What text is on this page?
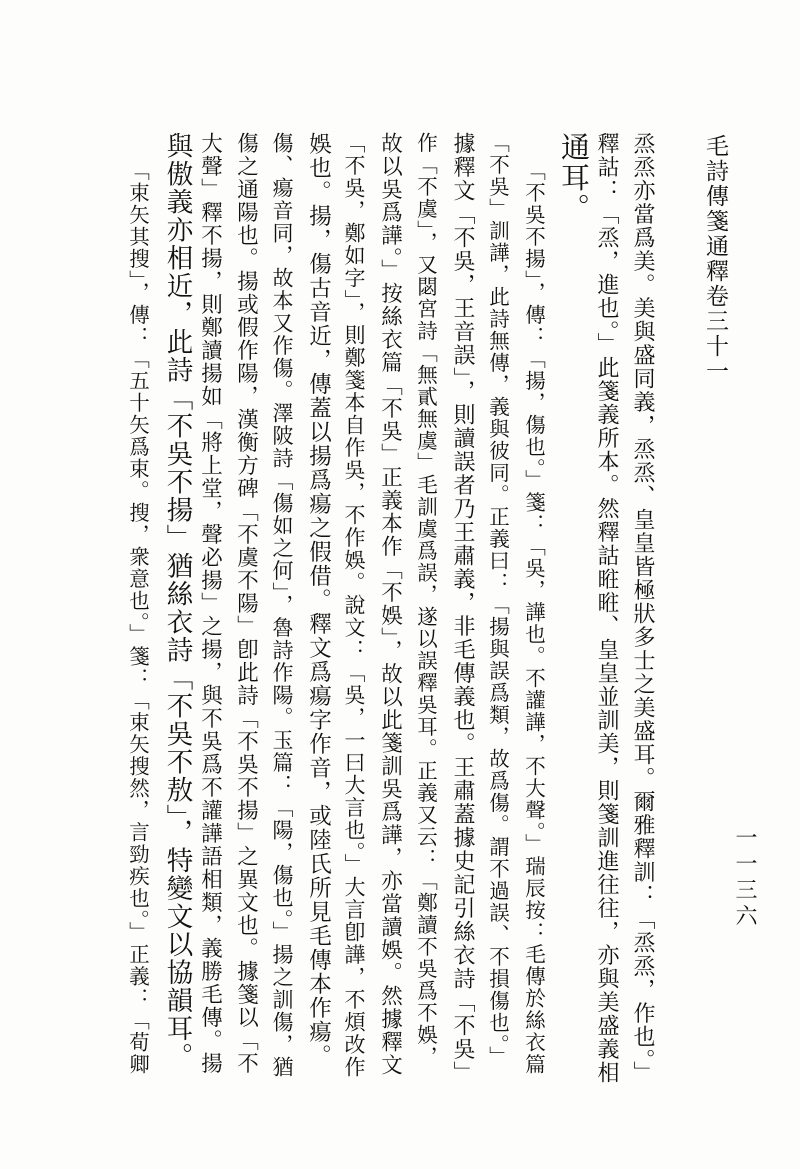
毛詩傳箋通釋卷三十一
一一三六
烝烝亦當爲美。美與盛同義，烝烝、皇皇皆極狀多士之美盛耳。爾雅釋訓：「烝烝，作也。」
釋詁：「烝，進也。」此箋義所本。然釋詁暀暀、皇皇並訓美，則箋訓進往往，亦與美盛義相
通耳。
「不吳不揚」，傳：「揚，傷也。」箋：「吳，譁也。不讙譁，不大聲。」瑞辰按：毛傳於絲衣篇
「不吳」訓譁，此詩無傳，義與彼同。正義曰：「揚與誤爲類，故爲傷。謂不過誤、不損傷也。」
據釋文「不吳，王音誤」，則讀誤者乃王肅義，非毛傳義也。王肅蓋據史記引絲衣詩「不吳」
作「不虞」，又閟宮詩「無貳無虞」毛訓虞爲誤，遂以誤釋吳耳。正義又云：「鄭讀不吳爲不娛，
故以吳爲譁。」按絲衣篇「不吳」正義本作「不娛」，故以此箋訓吳爲譁，亦當讀娛。然據釋文
「不吳，鄭如字」，則鄭箋本自作吳，不作娛。說文：「吳，一曰大言也。」大言卽譁，不煩改作
娛也。揚，傷古音近，傳蓋以揚爲瘍之假借。釋文爲瘍字作音，或陸氏所見毛傳本作瘍。
傷、瘍音同，故本又作傷。澤陂詩「傷如之何」，魯詩作陽。玉篇：「陽，傷也。」揚之訓傷，猶
傷之通陽也。揚或假作陽，漢衡方碑「不虞不陽」卽此詩「不吳不揚」之異文也。據箋以「不
大聲」釋不揚，則鄭讀揚如「將上堂，聲必揚」之揚，與不吳爲不讙譁語相類，義勝毛傳。揚
與傲義亦相近，此詩「不吳不揚」猶絲衣詩「不吳不敖」，特變文以協韻耳。
「束矢其搜」，傳：「五十矢爲束。搜，衆意也。」箋：「束矢搜然，言勁疾也。」正義：「荀卿
